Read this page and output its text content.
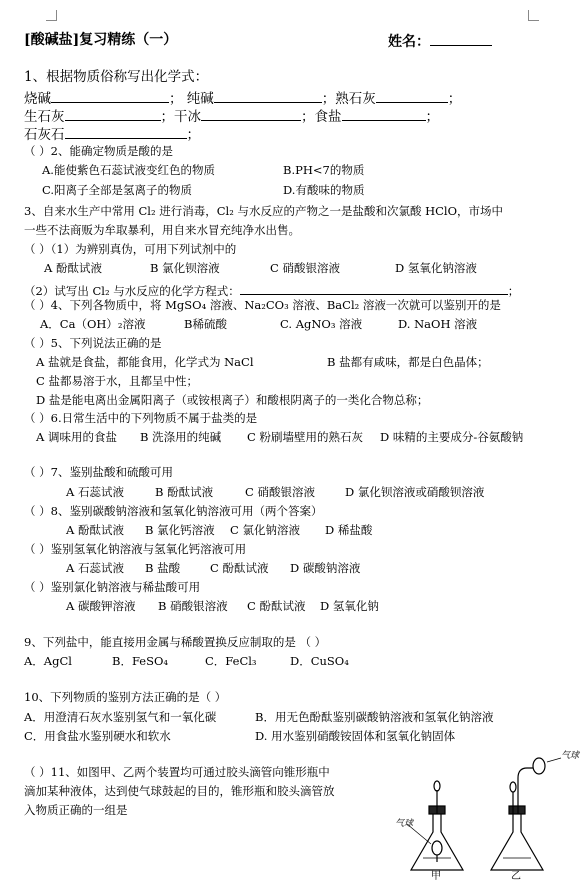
[酸碱盐]复习精练（一）	姓名：
1、根据物质俗称写出化学式：
烧碱	； 纯碱	；熟石灰	；
生石灰	；干冰	；食盐	；
石灰石	；
（ ）2、能确定物质是酸的是
A.能使紫色石蕊试液变红色的物质	B.PH<7的物质
C.阳离子全部是氢离子的物质	D.有酸味的物质
3、自来水生产中常用 Cl₂ 进行消毒，Cl₂ 与水反应的产物之一是盐酸和次氯酸 HClO，市场中
一些不法商贩为牟取暴利，用自来水冒充纯净水出售。
（ ）（1）为辨别真伪，可用下列试剂中的
A 酚酞试液	B 氯化钡溶液	C 硝酸银溶液	D 氢氧化钠溶液
（2）试写出 Cl₂ 与水反应的化学方程式：	；
（ ）4、下列各物质中，将 MgSO₄ 溶液、Na₂CO₃ 溶液、BaCl₂ 溶液一次就可以鉴别开的是
A．Ca（OH）₂溶液	B稀硫酸	C. AgNO₃ 溶液	D. NaOH 溶液
（ ）5、下列说法正确的是
A 盐就是食盐，都能食用，化学式为 NaCl	B 盐都有咸味，都是白色晶体；
C 盐都易溶于水，且都呈中性；
D 盐是能电离出金属阳离子（或铵根离子）和酸根阴离子的一类化合物总称；
（ ）6.日常生活中的下列物质不属于盐类的是
A 调味用的食盐 B 洗涤用的纯碱 C 粉刷墙壁用的熟石灰 D 味精的主要成分-谷氨酸钠
（ ）7、鉴别盐酸和硫酸可用
A 石蕊试液	B 酚酞试液	C 硝酸银溶液	D 氯化钡溶液或硝酸钡溶液
（ ）8、鉴别碳酸钠溶液和氢氧化钠溶液可用（两个答案）
A 酚酞试液 B 氯化钙溶液 C 氯化钠溶液 D 稀盐酸
（ ）鉴别氢氧化钠溶液与氢氧化钙溶液可用
A 石蕊试液 B 盐酸	C 酚酞试液 D 碳酸钠溶液
（ ）鉴别氯化钠溶液与稀盐酸可用
A 碳酸钾溶液 B 硝酸银溶液 C 酚酞试液 D 氢氧化钠
9、下列盐中，能直接用金属与稀酸置换反应制取的是 （ ）
A．AgCl	B．FeSO₄	C．FeCl₃	D．CuSO₄
10、下列物质的鉴别方法正确的是（ ）
A．用澄清石灰水鉴别氢气和一氧化碳	B．用无色酚酞鉴别碳酸钠溶液和氢氧化钠溶液
C．用食盐水鉴别硬水和软水	D. 用水鉴别硝酸铵固体和氢氧化钠固体
（ ）11、如图甲、乙两个装置均可通过胶头滴管向锥形瓶中
滴加某种液体，达到使气球鼓起的目的，锥形瓶和胶头滴管放
入物质正确的一组是
气球
气球
甲	乙
